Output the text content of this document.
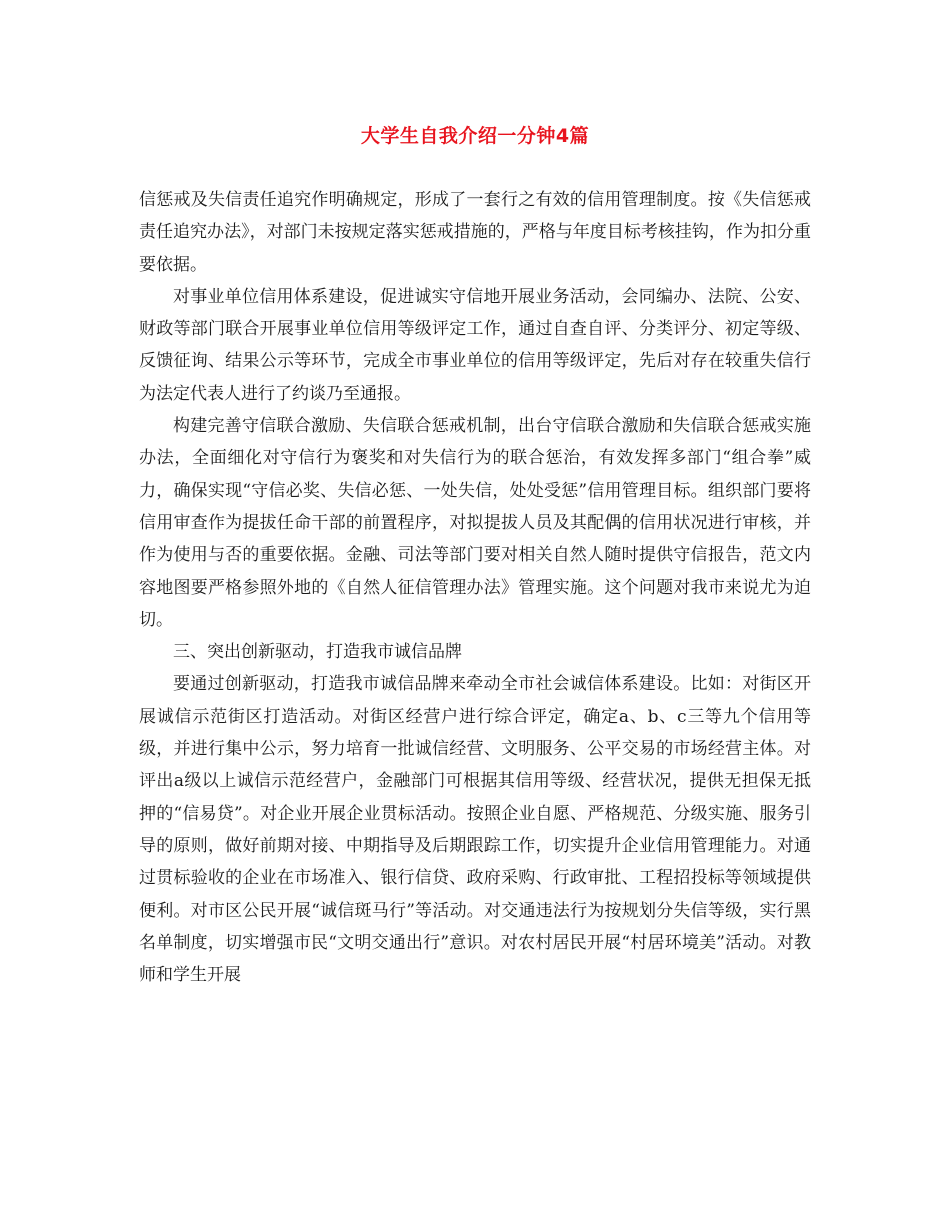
大学生自我介绍一分钟4篇

信惩戒及失信责任追究作明确规定，形成了一套行之有效的信用管理制度。按《失信惩戒责任追究办法》，对部门未按规定落实惩戒措施的，严格与年度目标考核挂钩，作为扣分重要依据。

对事业单位信用体系建设，促进诚实守信地开展业务活动，会同编办、法院、公安、财政等部门联合开展事业单位信用等级评定工作，通过自查自评、分类评分、初定等级、反馈征询、结果公示等环节，完成全市事业单位的信用等级评定，先后对存在较重失信行为法定代表人进行了约谈乃至通报。

构建完善守信联合激励、失信联合惩戒机制，出台守信联合激励和失信联合惩戒实施办法，全面细化对守信行为褒奖和对失信行为的联合惩治，有效发挥多部门“组合拳”威力，确保实现“守信必奖、失信必惩、一处失信，处处受惩”信用管理目标。组织部门要将信用审查作为提拔任命干部的前置程序，对拟提拔人员及其配偶的信用状况进行审核，并作为使用与否的重要依据。金融、司法等部门要对相关自然人随时提供守信报告，范文内容地图要严格参照外地的《自然人征信管理办法》管理实施。这个问题对我市来说尤为迫切。

三、突出创新驱动，打造我市诚信品牌

要通过创新驱动，打造我市诚信品牌来牵动全市社会诚信体系建设。比如：对街区开展诚信示范街区打造活动。对街区经营户进行综合评定，确定a、b、c三等九个信用等级，并进行集中公示，努力培育一批诚信经营、文明服务、公平交易的市场经营主体。对评出a级以上诚信示范经营户，金融部门可根据其信用等级、经营状况，提供无担保无抵押的“信易贷”。对企业开展企业贯标活动。按照企业自愿、严格规范、分级实施、服务引导的原则，做好前期对接、中期指导及后期跟踪工作，切实提升企业信用管理能力。对通过贯标验收的企业在市场准入、银行信贷、政府采购、行政审批、工程招投标等领域提供便利。对市区公民开展“诚信斑马行”等活动。对交通违法行为按规划分失信等级，实行黑名单制度，切实增强市民“文明交通出行”意识。对农村居民开展“村居环境美”活动。对教师和学生开展
